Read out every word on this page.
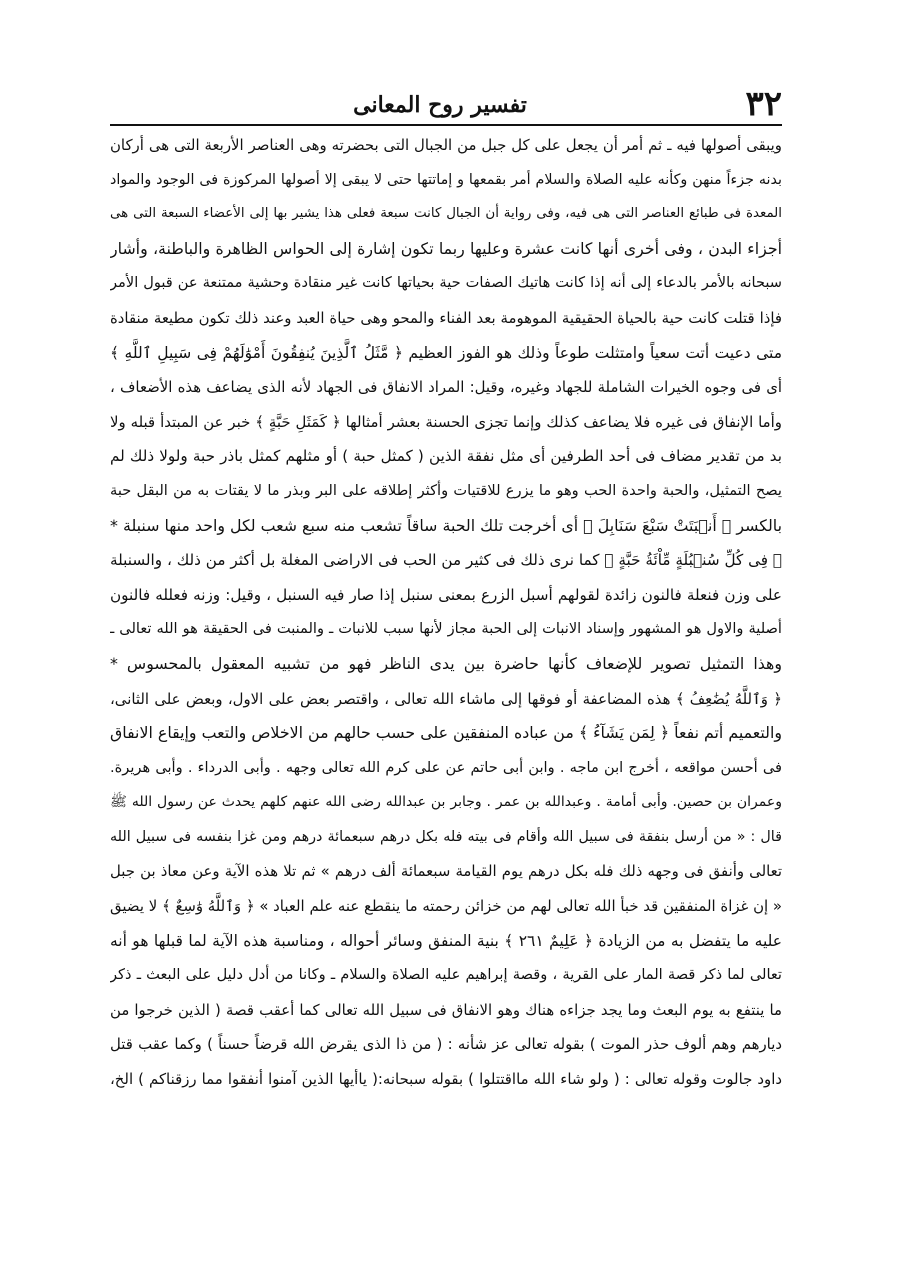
تفسير روح المعانى	٣٢
ويبقى أصولها فيه ـ ثم أمر أن يجعل على كل جبل من الجبال التى بحضرته وهى العناصر الأربعة التى هى أركان
بدنه جزءاً منهن وكأنه عليه الصلاة والسلام أمر بقمعها و إماتتها حتى لا يبقى إلا أصولها المركوزة فى الوجود والمواد
المعدة فى طبائع العناصر التى هى فيه، وفى رواية أن الجبال كانت سبعة فعلى هذا يشير بها إلى الأعضاء السبعة التى هى
أجزاء البدن ، وفى أخرى أنها كانت عشرة وعليها ربما تكون إشارة إلى الحواس الظاهرة والباطنة، وأشار
سبحانه بالأمر بالدعاء إلى أنه إذا كانت هاتيك الصفات حية بحياتها كانت غير منقادة وحشية ممتنعة عن قبول الأمر
فإذا قتلت كانت حية بالحياة الحقيقية الموهومة بعد الفناء والمحو وهى حياة العبد وعند ذلك تكون مطيعة منقادة
متى دعيت أتت سعياً وامتثلت طوعاً وذلك هو الفوز العظيم ﴿ مَّثَلُ ٱلَّذِينَ يُنفِقُونَ أَمْوَٰلَهُمْ فِى سَبِيلِ ٱللَّهِ ﴾
أى فى وجوه الخيرات الشاملة للجهاد وغيره، وقيل: المراد الانفاق فى الجهاد لأنه الذى يضاعف هذه الأضعاف ،
وأما الإنفاق فى غيره فلا يضاعف كذلك وإنما تجزى الحسنة بعشر أمثالها ﴿ كَمَثَلِ حَبَّةٍ ﴾ خبر عن المبتدأ قبله ولا
بد من تقدير مضاف فى أحد الطرفين أى مثل نفقة الذين ( كمثل حبة ) أو مثلهم كمثل باذر حبة ولولا ذلك لم
يصح التمثيل، والحبة واحدة الحب وهو ما يزرع للاقتيات وأكثر إطلاقه على البر وبذر ما لا يقتات به من البقل حبة
بالكسر ﴿ أَنۢبَتَتْ سَبْعَ سَنَابِلَ ﴾ أى أخرجت تلك الحبة ساقاً تشعب منه سبع شعب لكل واحد منها سنبلة *
﴿ فِى كُلِّ سُنۢبُلَةٍ مِّاْئَةُ حَبَّةٍ ﴾ كما نرى ذلك فى كثير من الحب فى الاراضى المغلة بل أكثر من ذلك ، والسنبلة
على وزن فنعلة فالنون زائدة لقولهم أسبل الزرع بمعنى سنبل إذا صار فيه السنبل ، وقيل: وزنه فعلله فالنون
أصلية والاول هو المشهور وإسناد الانبات إلى الحبة مجاز لأنها سبب للانبات ـ والمنبت فى الحقيقة هو الله تعالى ـ
وهذا التمثيل تصوير للإضعاف كأنها حاضرة بين يدى الناظر فهو من تشبيه المعقول بالمحسوس *
﴿ وَٱللَّهُ يُضَٰعِفُ ﴾ هذه المضاعفة أو فوقها إلى ماشاء الله تعالى ، واقتصر بعض على الاول، وبعض على الثانى،
والتعميم أتم نفعاً ﴿ لِمَن يَشَآءُ ﴾ من عباده المنفقين على حسب حالهم من الاخلاص والتعب وإيقاع الانفاق
فى أحسن مواقعه ، أخرج ابن ماجه . وابن أبى حاتم عن على كرم الله تعالى وجهه . وأبى الدرداء . وأبى هريرة.
وعمران بن حصين. وأبى أمامة . وعبدالله بن عمر . وجابر بن عبدالله رضى الله عنهم كلهم يحدث عن رسول الله ﷺ
قال : « من أرسل بنفقة فى سبيل الله وأقام فى بيته فله بكل درهم سبعمائة درهم ومن غزا بنفسه فى سبيل الله
تعالى وأنفق فى وجهه ذلك فله بكل درهم يوم القيامة سبعمائة ألف درهم » ثم تلا هذه الآية وعن معاذ بن جبل
« إن غزاة المنفقين قد خبأ الله تعالى لهم من خزائن رحمته ما ينقطع عنه علم العباد » ﴿ وَٱللَّهُ وَٰسِعٌ ﴾ لا يضيق
عليه ما يتفضل به من الزيادة ﴿ عَلِيمٌ ٢٦١ ﴾ بنية المنفق وسائر أحواله ، ومناسبة هذه الآية لما قبلها هو أنه
تعالى لما ذكر قصة المار على القرية ، وقصة إبراهيم عليه الصلاة والسلام ـ وكانا من أدل دليل على البعث ـ ذكر
ما ينتفع به يوم البعث وما يجد جزاءه هناك وهو الانفاق فى سبيل الله تعالى كما أعقب قصة ( الذين خرجوا من
ديارهم وهم ألوف حذر الموت ) بقوله تعالى عز شأنه : ( من ذا الذى يقرض الله قرضاً حسناً ) وكما عقب قتل
داود جالوت وقوله تعالى : ( ولو شاء الله مااقتتلوا ) بقوله سبحانه:( ياأيها الذين آمنوا أنفقوا مما رزقناكم ) الخ،
